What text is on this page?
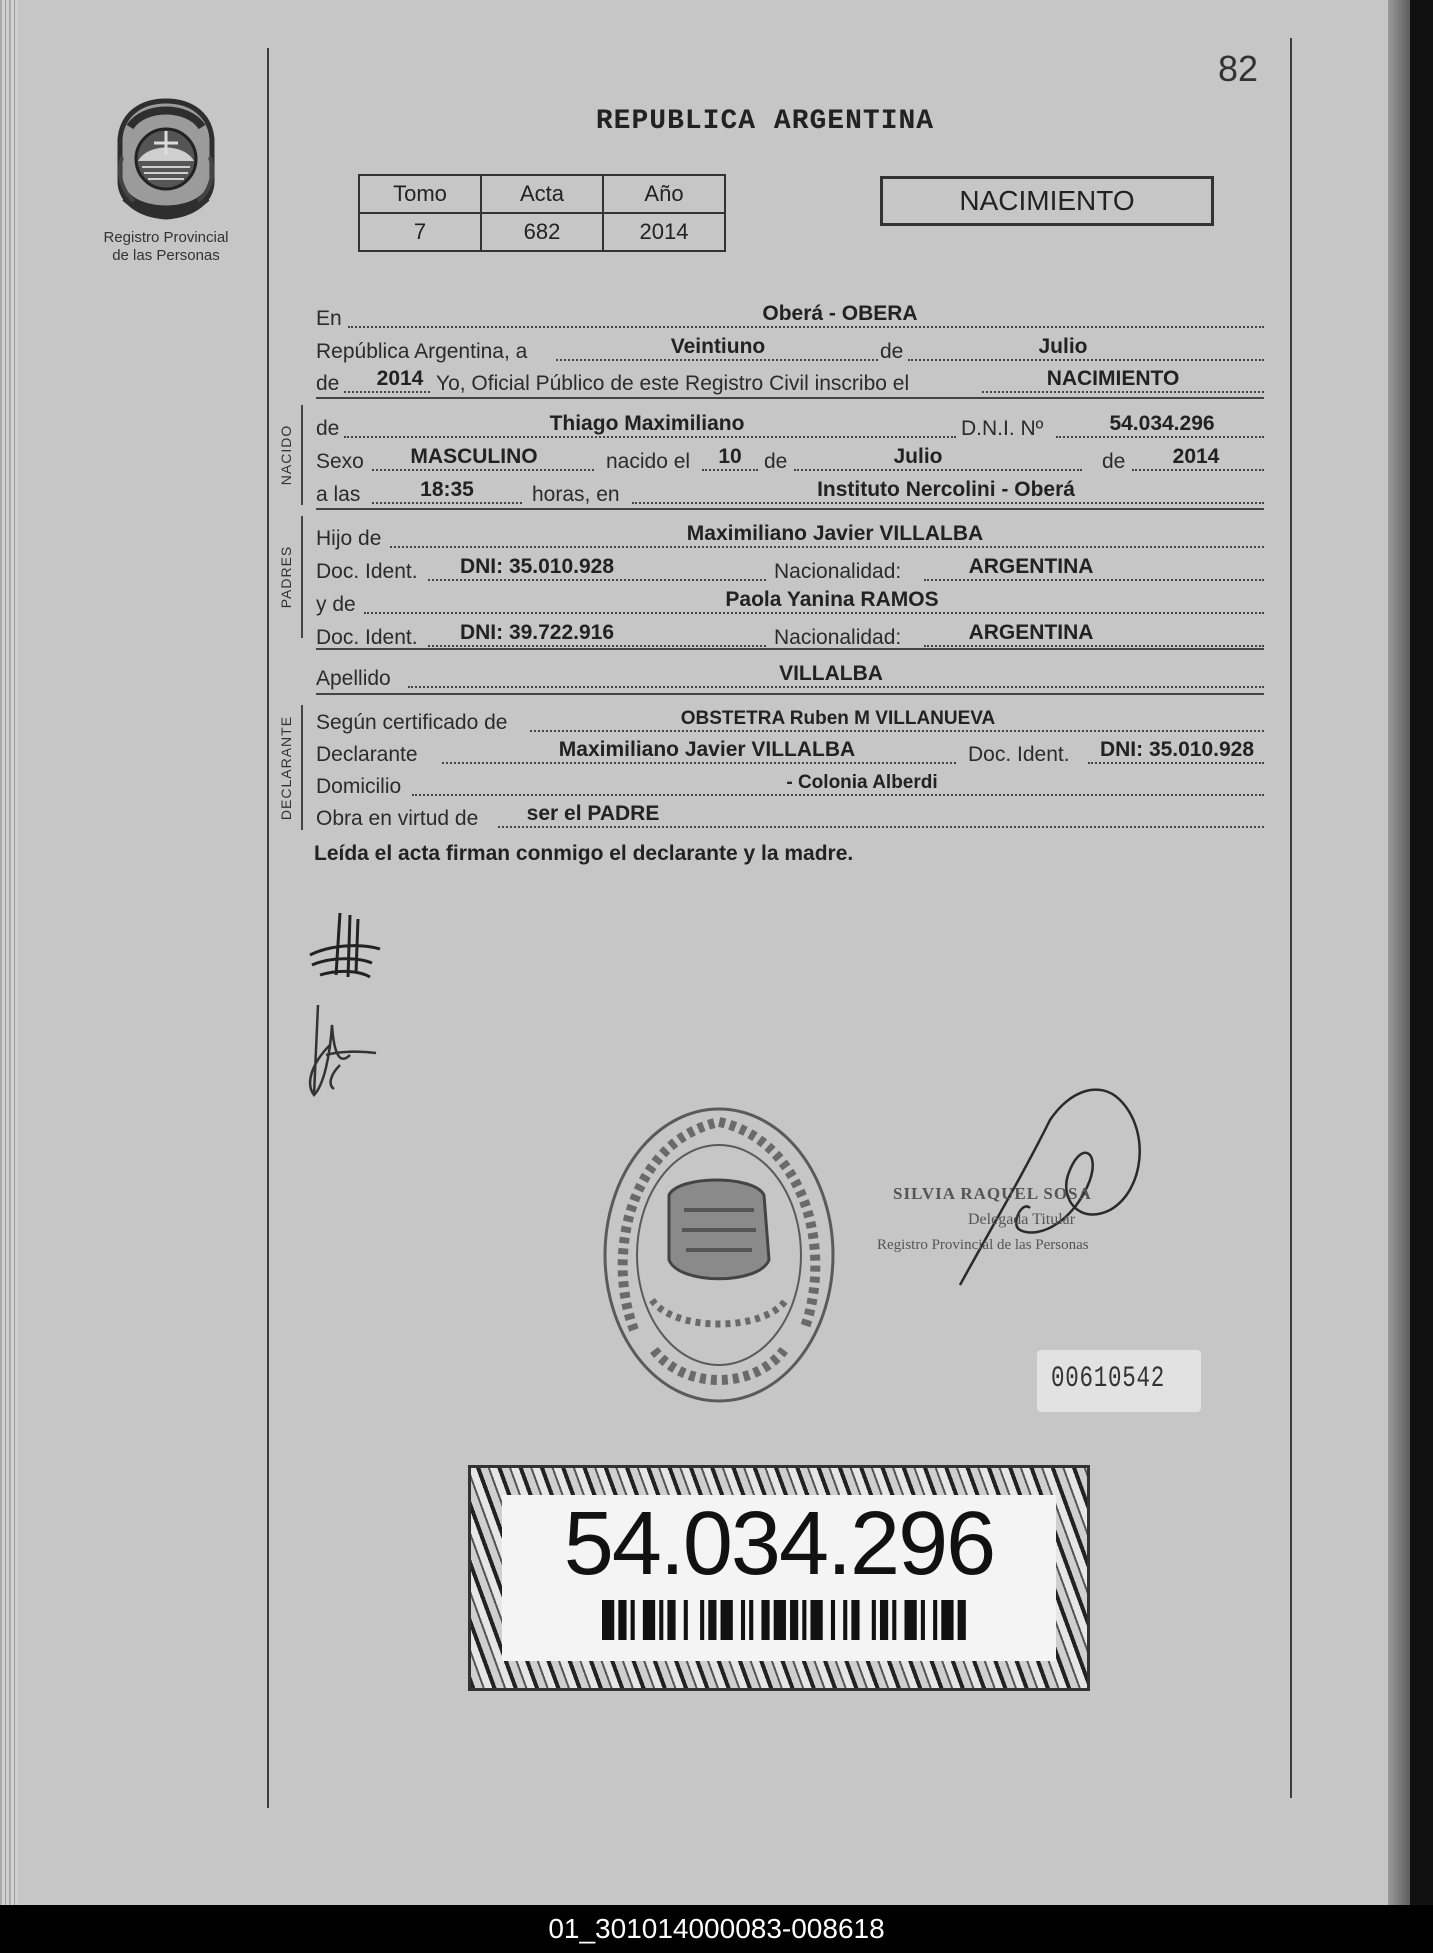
82
Registro Provincial
de las Personas
REPUBLICA ARGENTINA
Tomo	Acta	Año
7	682	2014
NACIMIENTO
En	Oberá - OBERA
República Argentina, a	Veintiuno	de	Julio
de 2014 Yo, Oficial Público de este Registro Civil inscribo el	NACIMIENTO
NACIDO de	Thiago Maximiliano	D.N.I. Nº	54.034.296
Sexo MASCULINO	nacido el 10 de	Julio	de 2014
a las	18:35	horas, en	Instituto Nercolini - Oberá
PADRES
Hijo de	Maximiliano Javier VILLALBA
Doc. Ident. DNI: 35.010.928	Nacionalidad:	ARGENTINA
y de	Paola Yanina RAMOS
Doc. Ident. DNI: 39.722.916	Nacionalidad:	ARGENTINA
Apellido	VILLALBA
DECLARANTE Según certificado de	OBSTETRA Ruben M VILLANUEVA
Declarante	Maximiliano Javier VILLALBA	Doc. Ident. DNI: 35.010.928
Domicilio	- Colonia Alberdi
Obra en virtud de ser el PADRE
Leída el acta firman conmigo el declarante y la madre.
SILVIA RAQUEL SOSA
Delegada Titular
Registro Provincial de las Personas
00610542
54.034.296
01_301014000083-008618
